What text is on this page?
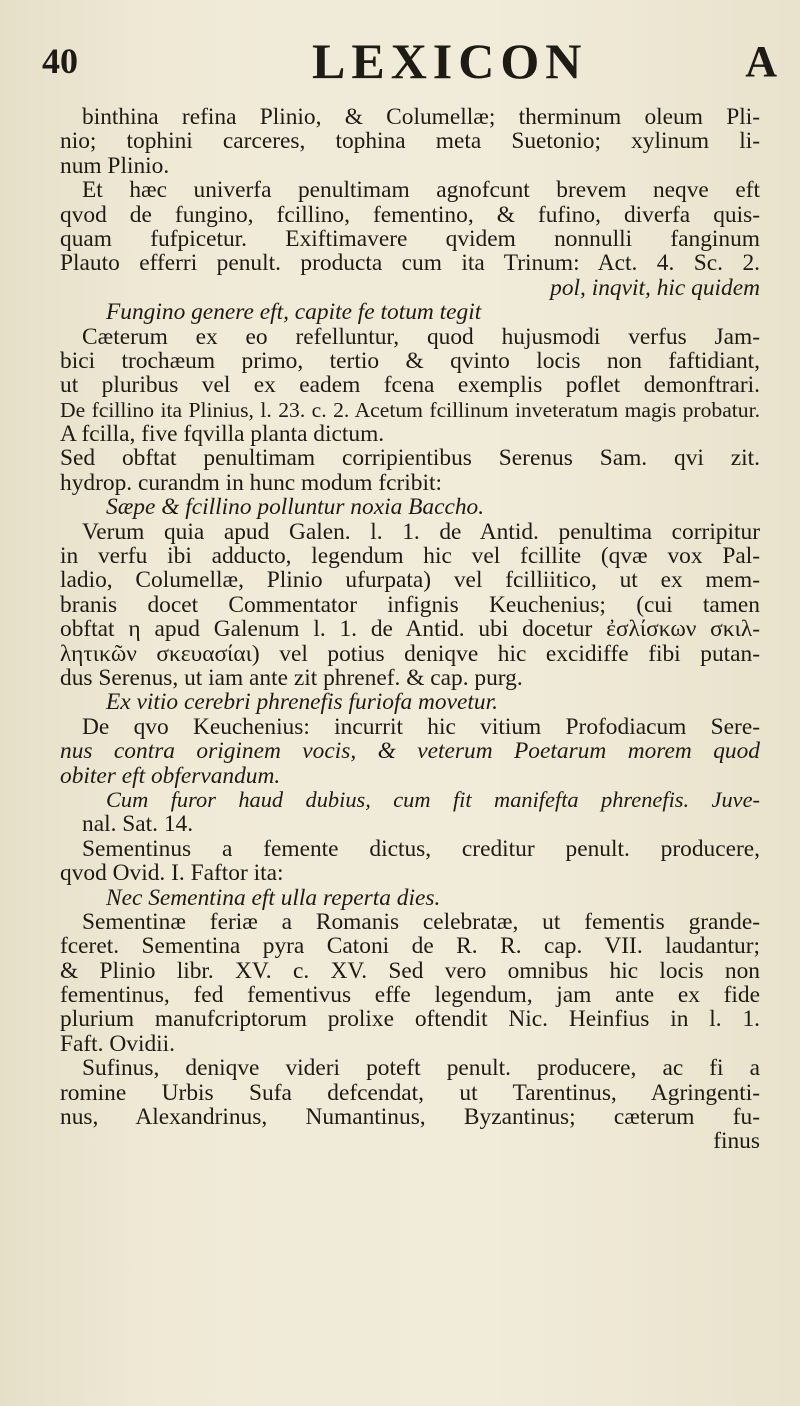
40	LEXICON	A
binthina refina Plinio, & Columellæ; therminum oleum Pli-
nio; tophini carceres, tophina meta Suetonio; xylinum li-
num Plinio.
Et hæc univerfa penultimam agnofcunt brevem neqve eft
qvod de fungino, fcillino, fementino, & fufino, diverfa quis-
quam fufpicetur. Exiftimavere qvidem nonnulli fanginum
Plauto efferri penult. producta cum ita Trinum: Act. 4. Sc. 2.
pol, inqvit, hic quidem
Fungino genere eft, capite fe totum tegit
Cæterum ex eo refelluntur, quod hujusmodi verfus Jam-
bici trochæum primo, tertio & qvinto locis non faftidiant,
ut pluribus vel ex eadem fcena exemplis poflet demonftrari.
De fcillino ita Plinius, l. 23. c. 2. Acetum fcillinum inveteratum magis probatur.
A fcilla, five fqvilla planta dictum.
Sed obftat penultimam corripientibus Serenus Sam. qvi zit.
hydrop. curandm in hunc modum fcribit:
Sæpe & fcillino polluntur noxia Baccho.
Verum quia apud Galen. l. 1. de Antid. penultima corripitur
in verfu ibi adducto, legendum hic vel fcillite (qvæ vox Pal-
ladio, Columellæ, Plinio ufurpata) vel fcilliitico, ut ex mem-
branis docet Commentator infignis Keuchenius; (cui tamen
obftat η apud Galenum l. 1. de Antid. ubi docetur ἐσλίσκων σκιλ-
λητικῶν σκευασίαι) vel potius deniqve hic excidiffe fibi putan-
dus Serenus, ut iam ante zit phrenef. & cap. purg.
Ex vitio cerebri phrenefis furiofa movetur.
De qvo Keuchenius: incurrit hic vitium Profodiacum Sere-
nus contra originem vocis, & veterum Poetarum morem quod
obiter eft obfervandum.
Cum furor haud dubius, cum fit manifefta phrenefis. Juve-
nal. Sat. 14.
Sementinus a femente dictus, creditur penult. producere,
qvod Ovid. I. Faftor ita:
Nec Sementina eft ulla reperta dies.
Sementinæ feriæ a Romanis celebratæ, ut fementis grande-
fceret. Sementina pyra Catoni de R. R. cap. VII. laudantur;
& Plinio libr. XV. c. XV. Sed vero omnibus hic locis non
fementinus, fed fementivus effe legendum, jam ante ex fide
plurium manufcriptorum prolixe oftendit Nic. Heinfius in l. 1.
Faft. Ovidii.
Sufinus, deniqve videri poteft penult. producere, ac fi a
romine Urbis Sufa defcendat, ut Tarentinus, Agringenti-
nus, Alexandrinus, Numantinus, Byzantinus; cæterum fu-
finus
